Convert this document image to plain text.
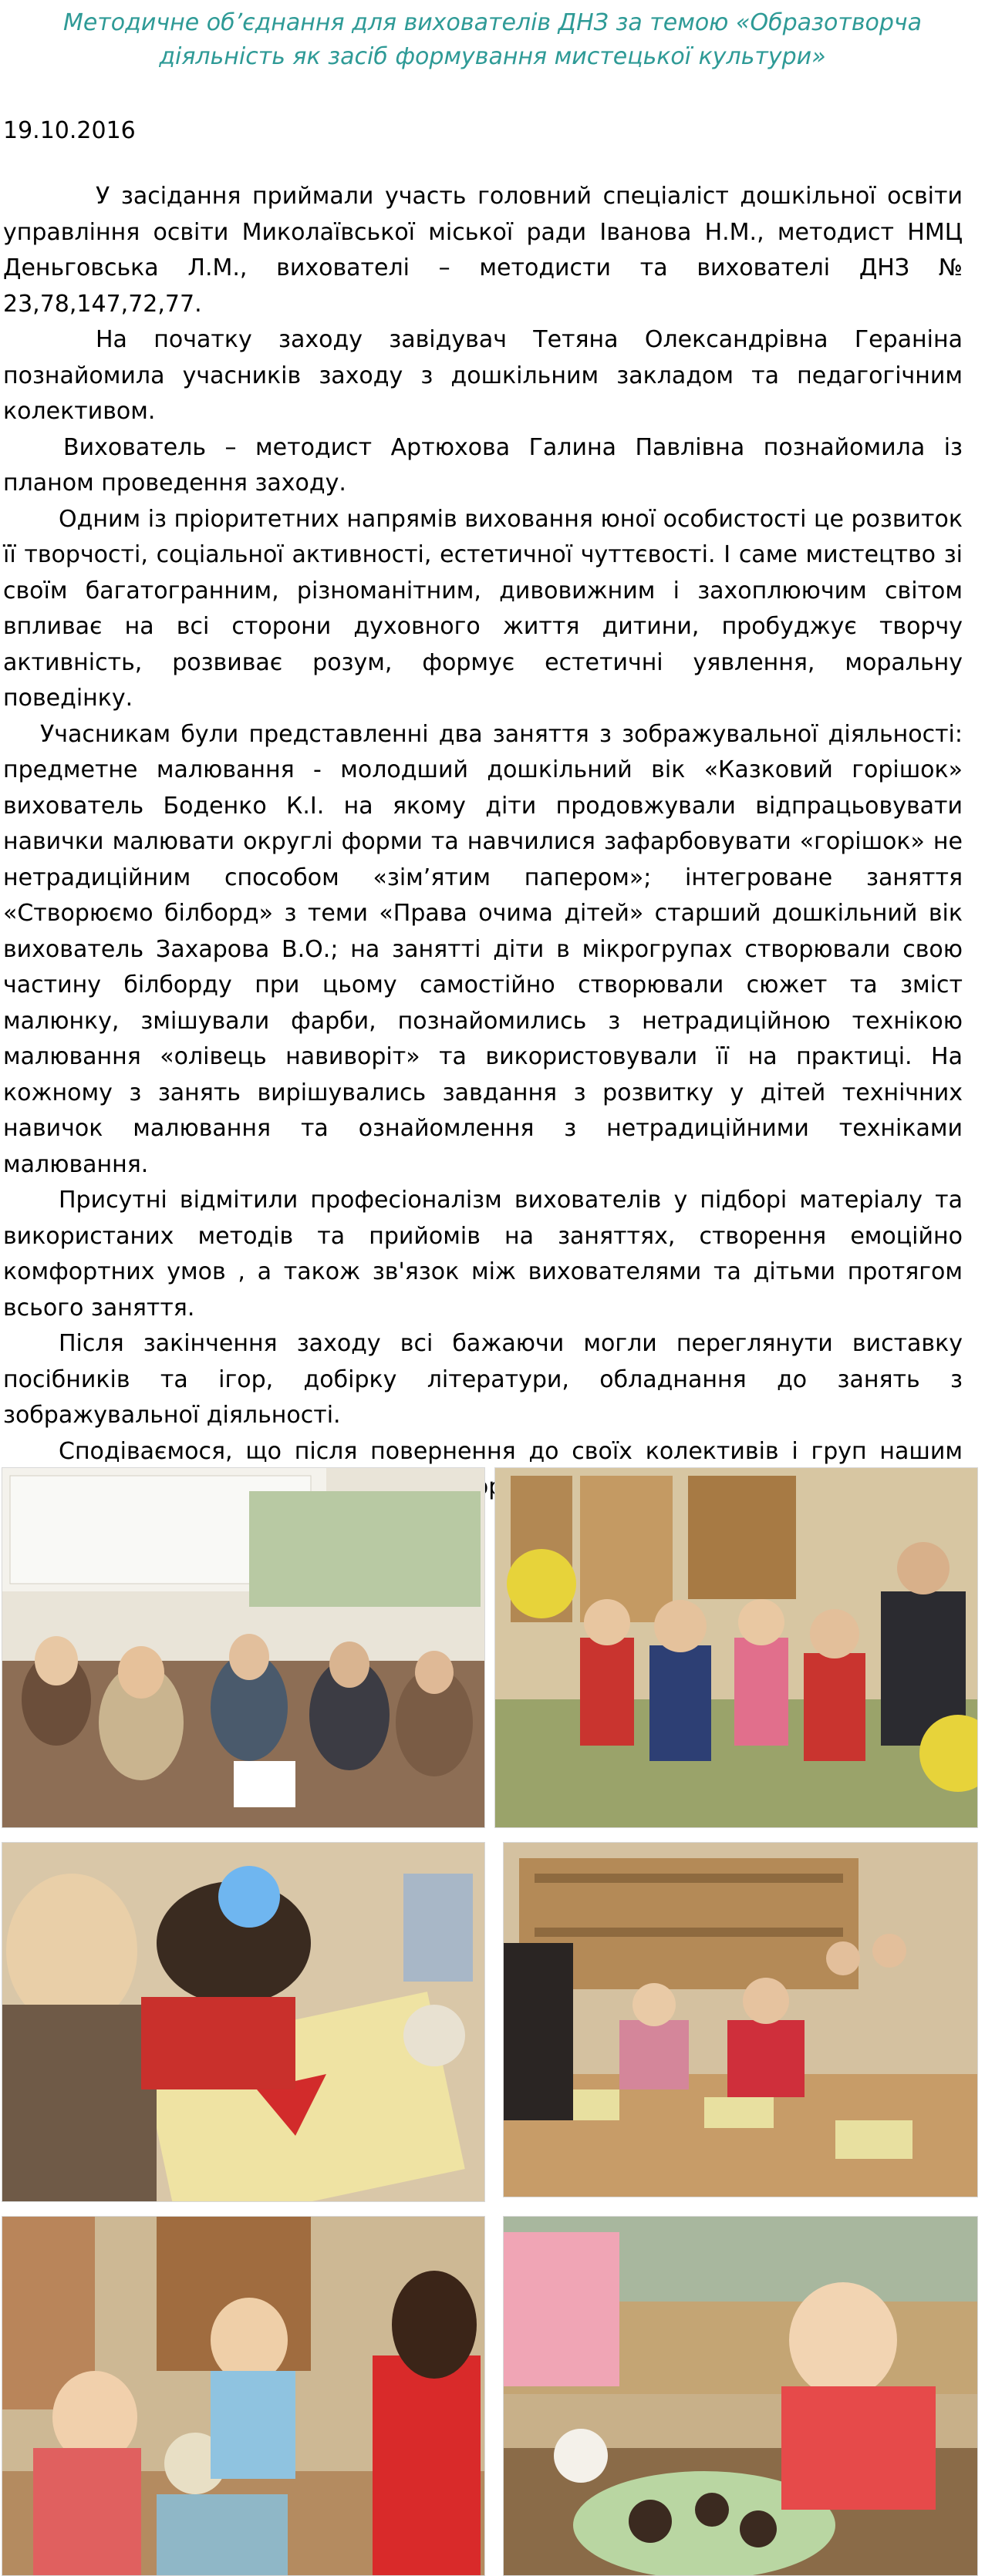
Методичне об’єднання для вихователів ДНЗ за темою «Образотворча
діяльність як засіб формування мистецької культури»
19.10.2016

У засідання приймали участь головний спеціаліст дошкільної освіти управління освіти Миколаївської міської ради Іванова Н.М., методист НМЦ Деньговська Л.М., вихователі – методисти та вихователі ДНЗ № 23,78,147,72,77.

На початку заходу завідувач Тетяна Олександрівна Гераніна познайомила учасників заходу з дошкільним закладом та педагогічним колективом.

Вихователь – методист Артюхова Галина Павлівна познайомила із планом проведення заходу.

Одним із пріоритетних напрямів виховання юної особистості це розвиток її творчості, соціальної активності, естетичної чуттєвості. І саме мистецтво зі своїм багатогранним, різноманітним, дивовижним і захоплюючим світом впливає на всі сторони духовного життя дитини, пробуджує творчу активність, розвиває розум, формує естетичні уявлення, моральну поведінку.

Учасникам були представленні два заняття з зображувальної діяльності: предметне малювання - молодший дошкільний вік «Казковий горішок» вихователь Боденко К.І. на якому діти продовжували відпрацьовувати навички малювати округлі форми та навчилися зафарбовувати «горішок» не нетрадиційним способом «зім’ятим папером»; інтегроване заняття «Створюємо білборд» з теми «Права очима дітей» старший дошкільний вік вихователь Захарова В.О.; на занятті діти в мікрогрупах створювали свою частину білборду при цьому самостійно створювали сюжет та зміст малюнку, змішували фарби, познайомились з нетрадиційною технікою малювання «олівець навиворіт» та використовували її на практиці. На кожному з занять вирішувались завдання з розвитку у дітей технічних навичок малювання та ознайомлення з нетрадиційними техніками малювання.

Присутні відмітили професіоналізм вихователів у підборі матеріалу та використаних методів та прийомів на заняттях, створення емоційно комфортних умов , а також зв'язок між вихователями та дітьми протягом всього заняття.

Після закінчення заходу всі бажаючи могли переглянути виставку посібників та ігор, добірку літератури, обладнання до занять з зображувальної діяльності.

Сподіваємося, що після повернення до своїх колективів і груп нашим
